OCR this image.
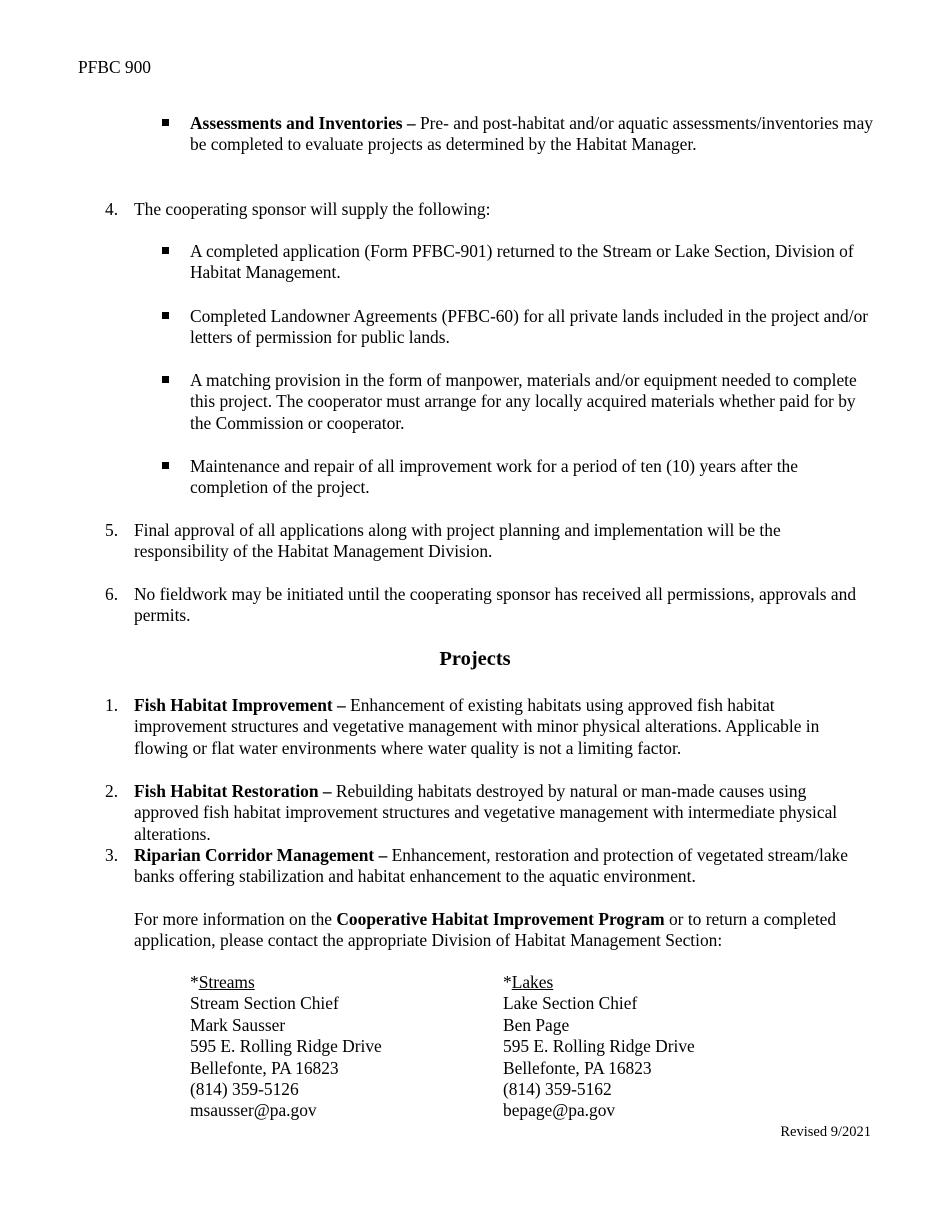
PFBC 900
Assessments and Inventories – Pre- and post-habitat and/or aquatic assessments/inventories may be completed to evaluate projects as determined by the Habitat Manager.
4. The cooperating sponsor will supply the following:
A completed application (Form PFBC-901) returned to the Stream or Lake Section, Division of Habitat Management.
Completed Landowner Agreements (PFBC-60) for all private lands included in the project and/or letters of permission for public lands.
A matching provision in the form of manpower, materials and/or equipment needed to complete this project. The cooperator must arrange for any locally acquired materials whether paid for by the Commission or cooperator.
Maintenance and repair of all improvement work for a period of ten (10) years after the completion of the project.
5. Final approval of all applications along with project planning and implementation will be the responsibility of the Habitat Management Division.
6. No fieldwork may be initiated until the cooperating sponsor has received all permissions, approvals and permits.
Projects
1. Fish Habitat Improvement – Enhancement of existing habitats using approved fish habitat improvement structures and vegetative management with minor physical alterations. Applicable in flowing or flat water environments where water quality is not a limiting factor.
2. Fish Habitat Restoration – Rebuilding habitats destroyed by natural or man-made causes using approved fish habitat improvement structures and vegetative management with intermediate physical alterations.
3. Riparian Corridor Management – Enhancement, restoration and protection of vegetated stream/lake banks offering stabilization and habitat enhancement to the aquatic environment.
For more information on the Cooperative Habitat Improvement Program or to return a completed application, please contact the appropriate Division of Habitat Management Section:
*Streams
Stream Section Chief
Mark Sausser
595 E. Rolling Ridge Drive
Bellefonte, PA 16823
(814) 359-5126
msausser@pa.gov
*Lakes
Lake Section Chief
Ben Page
595 E. Rolling Ridge Drive
Bellefonte, PA 16823
(814) 359-5162
bepage@pa.gov
Revised 9/2021
